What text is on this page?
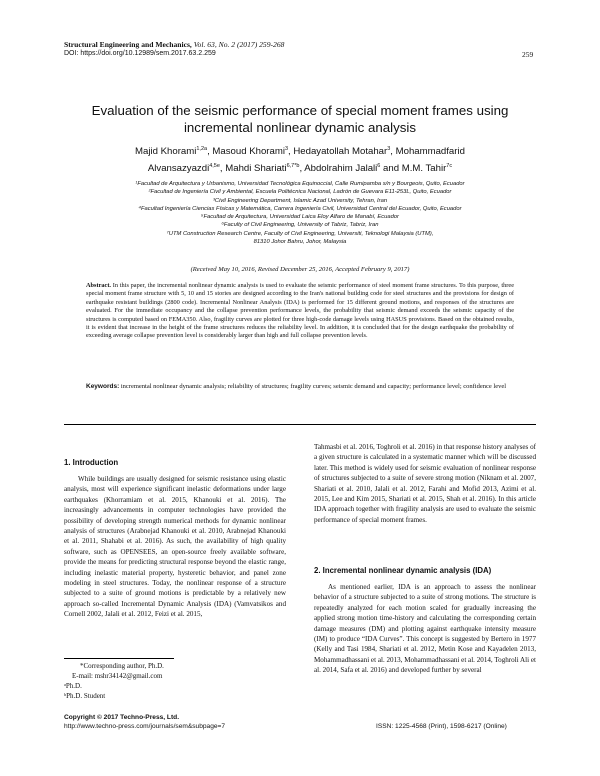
Structural Engineering and Mechanics, Vol. 63, No. 2 (2017) 259-268
DOI: https://doi.org/10.12989/sem.2017.63.2.259	259
Evaluation of the seismic performance of special moment frames using
incremental nonlinear dynamic analysis
Majid Khorami$^{1,2a}$, Masoud Khorami$^3$, Hedayatollah Motahar$^3$, Mohammadfarid
Alvansazyazdi$^{4,5e}$, Mahdi Shariati$^{6,7*b}$, Abdolrahim Jalali$^6$ and M.M. Tahir$^{7c}$
¹Facultad de Arquitectura y Urbanismo, Universidad Tecnológica Equinoccial, Calle Rumipamba s/n y Bourgeois, Quito, Ecuador
²Facultad de Ingeniería Civil y Ambiental, Escuela Politécnica Nacional, Ladrón de Guevara E11-253L, Quito, Ecuador
³Civil Engineering Department, Islamic Azad University, Tehran, Iran
⁴Facultad Ingeniería Ciencias Físicas y Matemática, Carrera Ingeniería Civil, Universidad Central del Ecuador, Quito, Ecuador
⁵Facultad de Arquitectura, Universidad Laica Eloy Alfaro de Manabí, Ecuador
⁶Faculty of Civil Engineering, University of Tabriz, Tabriz, Iran
⁷UTM Construction Research Centre, Faculty of Civil Engineering, Universiti, Teknologi Malaysia (UTM),
81310 Johor Bahru, Johor, Malaysia
(Received May 10, 2016, Revised December 25, 2016, Accepted February 9, 2017)
Abstract. In this paper, the incremental nonlinear dynamic analysis is used to evaluate the seismic performance of steel moment frame structures. To this purpose, three special moment frame structure with 5, 10 and 15 stories are designed according to the Iran's national building code for steel structures and the provisions for design of earthquake resistant buildings (2800 code). Incremental Nonlinear Analysis (IDA) is performed for 15 different ground motions, and responses of the structures are evaluated. For the immediate occupancy and the collapse prevention performance levels, the probability that seismic demand exceeds the seismic capacity of the structures is computed based on FEMA350. Also, fragility curves are plotted for three high-code damage levels using HASUS provisions. Based on the obtained results, it is evident that increase in the height of the frame structures reduces the reliability level. In addition, it is concluded that for the design earthquake the probability of exceeding average collapse prevention level is considerably larger than high and full collapse prevention levels.
Keywords: incremental nonlinear dynamic analysis; reliability of structures; fragility curves; seismic demand and capacity; performance level; confidence level
1. Introduction

While buildings are usually designed for seismic resistance using elastic analysis, most will experience significant inelastic deformations under large earthquakes (Khorramiam et al. 2015, Khanouki et al. 2016). The increasingly advancements in computer technologies have provided the possibility of developing strength numerical methods for dynamic nonlinear analysis of structures (Arabnejad Khanouki et al. 2010, Arabnejad Khanouki et al. 2011, Shahabi et al. 2016). As such, the availability of high quality software, such as OPENSEES, an open-source freely available software, provide the means for predicting structural response beyond the elastic range, including inelastic material property, hysteretic behavior, and panel zone modeling in steel structures. Today, the nonlinear response of a structure subjected to a suite of ground motions is predictable by a relatively new approach so-called Incremental Dynamic Analysis (IDA) (Vamvatsikos and Cornell 2002, Jalali et al. 2012, Feizi et al. 2015,

Tahmasbi et al. 2016, Toghroli et al. 2016) in that response history analyses of a given structure is calculated in a systematic manner which will be discussed later. This method is widely used for seismic evaluation of nonlinear response of structures subjected to a suite of severe strong motion (Niknam et al. 2007, Shariati et al. 2010, Jalali et al. 2012, Farahi and Mofid 2013, Azimi et al. 2015, Lee and Kim 2015, Shariati et al. 2015, Shah et al. 2016). In this article IDA approach together with fragility analysis are used to evaluate the seismic performance of special moment frames.

2. Incremental nonlinear dynamic analysis (IDA)

As mentioned earlier, IDA is an approach to assess the nonlinear behavior of a structure subjected to a suite of strong motions. The structure is repeatedly analyzed for each motion scaled for gradually increasing the applied strong motion time-history and calculating the corresponding certain damage measures (DM) and plotting against earthquake intensity measure (IM) to produce “IDA Curves”. This concept is suggested by Bertero in 1977 (Kelly and Tasi 1984, Shariati et al. 2012, Metin Kose and Kayadelen 2013, Mohammadhassani et al. 2013, Mohammadhassani et al. 2014, Toghroli Ali et al. 2014, Safa et al. 2016) and developed further by several

*Corresponding author, Ph.D.
E-mail: mshr34142@gmail.com
ᵃPh.D.
ᵇPh.D. Student
Copyright © 2017 Techno-Press, Ltd.
http://www.techno-press.com/journals/sem&subpage=7	ISSN: 1225-4568 (Print), 1598-6217 (Online)
